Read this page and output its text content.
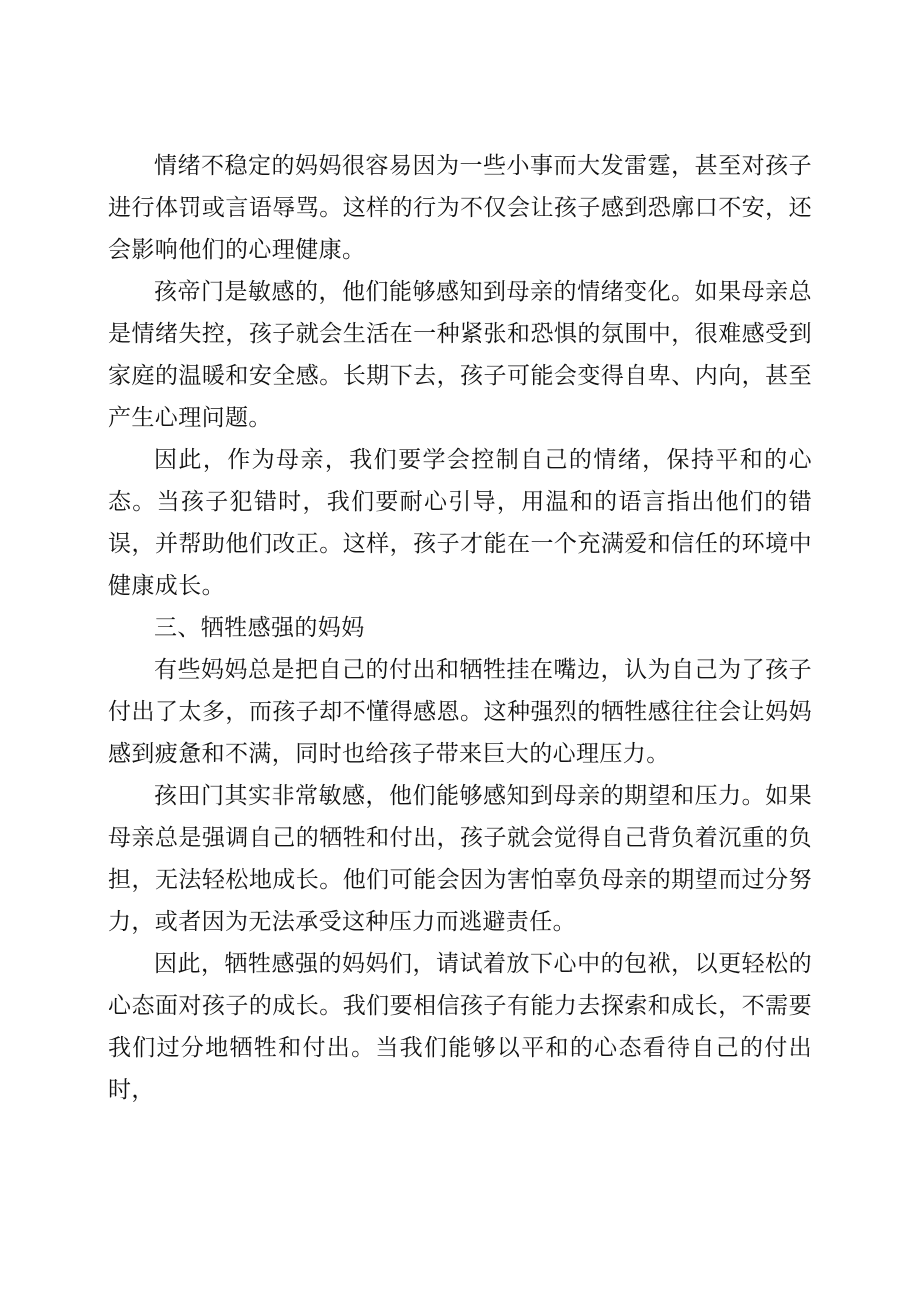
情绪不稳定的妈妈很容易因为一些小事而大发雷霆，甚至对孩子进行体罚或言语辱骂。这样的行为不仅会让孩子感到恐廓口不安，还会影响他们的心理健康。

孩帝门是敏感的，他们能够感知到母亲的情绪变化。如果母亲总是情绪失控，孩子就会生活在一种紧张和恐惧的氛围中，很难感受到家庭的温暖和安全感。长期下去，孩子可能会变得自卑、内向，甚至产生心理问题。

因此，作为母亲，我们要学会控制自己的情绪，保持平和的心态。当孩子犯错时，我们要耐心引导，用温和的语言指出他们的错误，并帮助他们改正。这样，孩子才能在一个充满爱和信任的环境中健康成长。

三、牺牲感强的妈妈

有些妈妈总是把自己的付出和牺牲挂在嘴边，认为自己为了孩子付出了太多，而孩子却不懂得感恩。这种强烈的牺牲感往往会让妈妈感到疲惫和不满，同时也给孩子带来巨大的心理压力。

孩田门其实非常敏感，他们能够感知到母亲的期望和压力。如果母亲总是强调自己的牺牲和付出，孩子就会觉得自己背负着沉重的负担，无法轻松地成长。他们可能会因为害怕辜负母亲的期望而过分努力，或者因为无法承受这种压力而逃避责任。

因此，牺牲感强的妈妈们，请试着放下心中的包袱，以更轻松的心态面对孩子的成长。我们要相信孩子有能力去探索和成长，不需要我们过分地牺牲和付出。当我们能够以平和的心态看待自己的付出时，
